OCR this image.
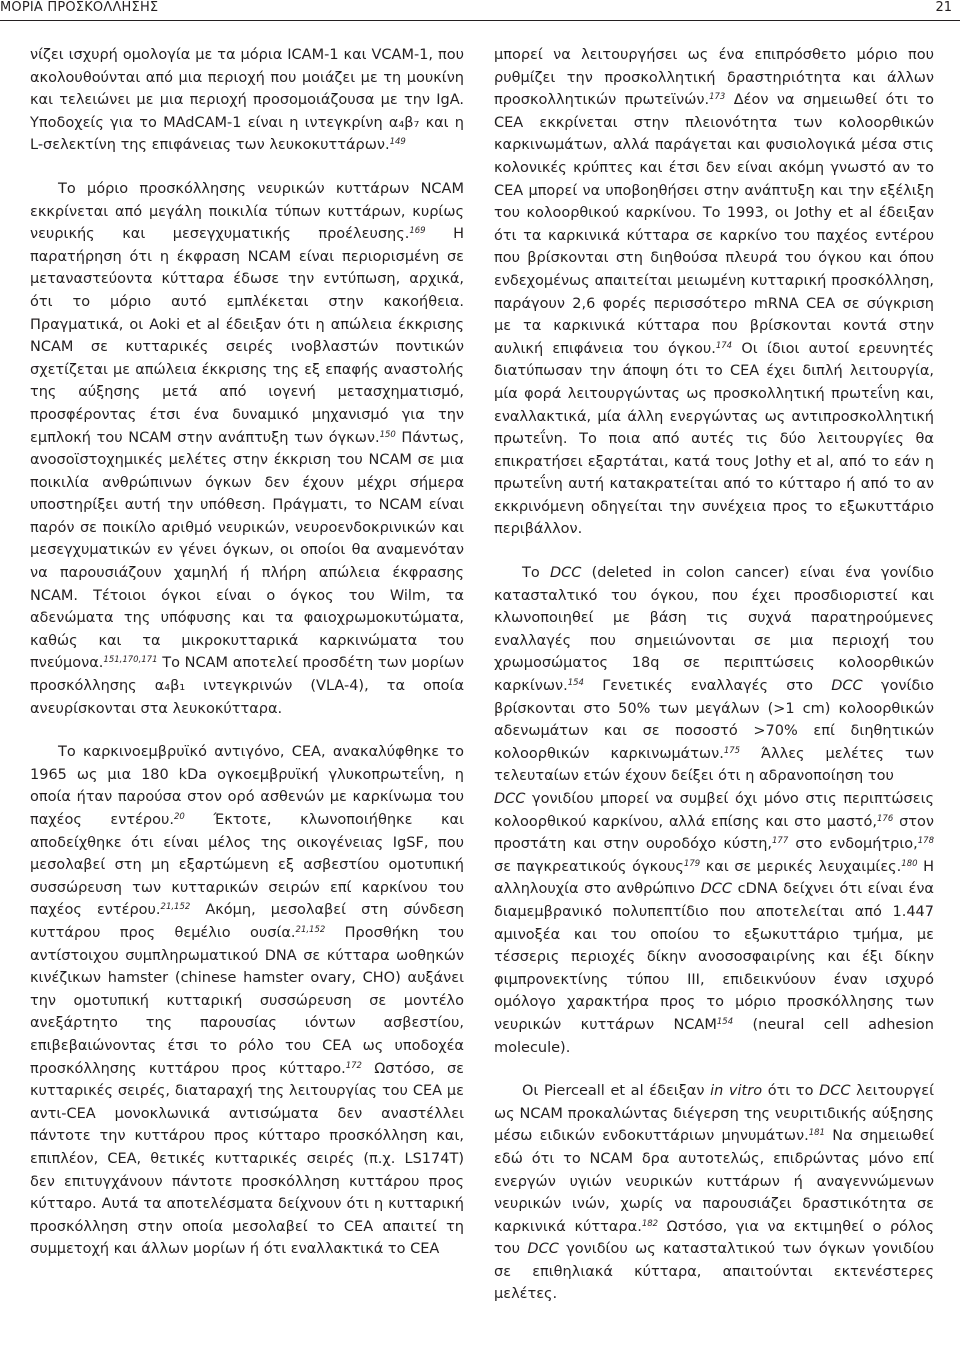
ΜΟΡΙΑ ΠΡΟΣΚΟΛΛΗΣΗΣ	21

νίζει ισχυρή ομολογία με τα μόρια ICAM-1 και VCAM-1, που ακολουθούνται από μια περιοχή που μοιάζει με τη μουκίνη και τελειώνει με μια περιοχή προσομοιάζουσα με την IgA. Υποδοχείς για το MAdCAM-1 είναι η ιντεγκρίνη α₄β₇ και η L-σελεκτίνη της επιφάνειας των λευκοκυττάρων.$^{149}$

Το μόριο προσκόλλησης νευρικών κυττάρων NCAM εκκρίνεται από μεγάλη ποικιλία τύπων κυττάρων, κυρίως νευρικής και μεσεγχυματικής προέλευσης.$^{169}$ Η παρατήρηση ότι η έκφραση NCAM είναι περιορισμένη σε μεταναστεύοντα κύτταρα έδωσε την εντύπωση, αρχικά, ότι το μόριο αυτό εμπλέκεται στην κακοήθεια. Πραγματικά, οι Aoki et al έδειξαν ότι η απώλεια έκκρισης NCAM σε κυτταρικές σειρές ινοβλαστών ποντικών σχετίζεται με απώλεια έκκρισης της εξ επαφής αναστολής της αύξησης μετά από ιογενή μετασχηματισμό, προσφέροντας έτσι ένα δυναμικό μηχανισμό για την εμπλοκή του NCAM στην ανάπτυξη των όγκων.$^{150}$ Πάντως, ανοσοϊστοχημικές μελέτες στην έκκριση του NCAM σε μια ποικιλία ανθρώπινων όγκων δεν έχουν μέχρι σήμερα υποστηρίξει αυτή την υπόθεση. Πράγματι, το NCAM είναι παρόν σε ποικίλο αριθμό νευρικών, νευροενδοκρινικών και μεσεγχυματικών εν γένει όγκων, οι οποίοι θα αναμενόταν να παρουσιάζουν χαμηλή ή πλήρη απώλεια έκφρασης NCAM. Τέτοιοι όγκοι είναι ο όγκος του Wilm, τα αδενώματα της υπόφυσης και τα φαιοχρωμοκυτώματα, καθώς και τα μικροκυτταρικά καρκινώματα του πνεύμονα.$^{151,170,171}$ Το NCAM αποτελεί προσδέτη των μορίων προσκόλλησης α₄β₁ ιντεγκρινών (VLA-4), τα οποία ανευρίσκονται στα λευκοκύτταρα.

Το καρκινοεμβρυϊκό αντιγόνο, CEA, ανακαλύφθηκε το 1965 ως μια 180 kDa ογκοεμβρυϊκή γλυκοπρωτεΐνη, η οποία ήταν παρούσα στον ορό ασθενών με καρκίνωμα του παχέος εντέρου.$^{20}$ Έκτοτε, κλωνοποιήθηκε και αποδείχθηκε ότι είναι μέλος της οικογένειας IgSF, που μεσολαβεί στη μη εξαρτώμενη εξ ασβεστίου ομοτυπική συσσώρευση των κυτταρικών σειρών επί καρκίνου του παχέος εντέρου.$^{21,152}$ Ακόμη, μεσολαβεί στη σύνδεση κυττάρου προς θεμέλιο ουσία.$^{21,152}$ Προσθήκη του αντίστοιχου συμπληρωματικού DNA σε κύτταρα ωοθηκών κινέζικων hamster (chinese hamster ovary, CHO) αυξάνει την ομοτυπική κυτταρική συσσώρευση σε μοντέλο ανεξάρτητο της παρουσίας ιόντων ασβεστίου, επιβεβαιώνοντας έτσι το ρόλο του CEA ως υποδοχέα προσκόλλησης κυττάρου προς κύτταρο.$^{172}$ Ωστόσο, σε κυτταρικές σειρές, διαταραχή της λειτουργίας του CEA με αντι-CEA μονοκλωνικά αντισώματα δεν αναστέλλει πάντοτε την κυττάρου προς κύτταρο προσκόλληση και, επιπλέον, CEA, θετικές κυτταρικές σειρές (π.χ. LS174T) δεν επιτυγχάνουν πάντοτε προσκόλληση κυττάρου προς κύτταρο. Αυτά τα αποτελέσματα δείχνουν ότι η κυτταρική προσκόλληση στην οποία μεσολαβεί το CEA απαιτεί τη συμμετοχή και άλλων μορίων ή ότι εναλλακτικά το CEA

μπορεί να λειτουργήσει ως ένα επιπρόσθετο μόριο που ρυθμίζει την προσκολλητική δραστηριότητα και άλλων προσκολλητικών πρωτεϊνών.$^{173}$ Δέον να σημειωθεί ότι το CEA εκκρίνεται στην πλειονότητα των κολοορθικών καρκινωμάτων, αλλά παράγεται και φυσιολογικά μέσα στις κολονικές κρύπτες και έτσι δεν είναι ακόμη γνωστό αν το CEA μπορεί να υποβοηθήσει στην ανάπτυξη και την εξέλιξη του κολοορθικού καρκίνου. Το 1993, οι Jothy et al έδειξαν ότι τα καρκινικά κύτταρα σε καρκίνο του παχέος εντέρου που βρίσκονται στη διηθούσα πλευρά του όγκου και όπου ενδεχομένως απαιτείται μειωμένη κυτταρική προσκόλληση, παράγουν 2,6 φορές περισσότερο mRNA CEA σε σύγκριση με τα καρκινικά κύτταρα που βρίσκονται κοντά στην αυλική επιφάνεια του όγκου.$^{174}$ Οι ίδιοι αυτοί ερευνητές διατύπωσαν την άποψη ότι το CEA έχει διπλή λειτουργία, μία φορά λειτουργώντας ως προσκολλητική πρωτεΐνη και, εναλλακτικά, μία άλλη ενεργώντας ως αντιπροσκολλητική πρωτεΐνη. Το ποια από αυτές τις δύο λειτουργίες θα επικρατήσει εξαρτάται, κατά τους Jothy et al, από το εάν η πρωτεΐνη αυτή κατακρατείται από το κύτταρο ή από το αν εκκρινόμενη οδηγείται την συνέχεια προς το εξωκυττάριο περιβάλλον.

Το DCC (deleted in colon cancer) είναι ένα γονίδιο κατασταλτικό του όγκου, που έχει προσδιοριστεί και κλωνοποιηθεί με βάση τις συχνά παρατηρούμενες εναλλαγές που σημειώνονται σε μια περιοχή του χρωμοσώματος 18q σε περιπτώσεις κολοορθικών καρκίνων.$^{154}$ Γενετικές εναλλαγές στο DCC γονίδιο βρίσκονται στο 50% των μεγάλων (>1 cm) κολοορθικών αδενωμάτων και σε ποσοστό >70% επί διηθητικών κολοορθικών καρκινωμάτων.$^{175}$ Άλλες μελέτες των τελευταίων ετών έχουν δείξει ότι η αδρανοποίηση του
DCC γονιδίου μπορεί να συμβεί όχι μόνο στις περιπτώσεις κολοορθικού καρκίνου, αλλά επίσης και στο μαστό,$^{176}$ στον προστάτη και στην ουροδόχο κύστη,$^{177}$ στο ενδομήτριο,$^{178}$ σε παγκρεατικούς όγκους$^{179}$ και σε μερικές λευχαιμίες.$^{180}$ Η αλληλουχία στο ανθρώπινο DCC cDNA δείχνει ότι είναι ένα διαμεμβρανικό πολυπεπτίδιο που αποτελείται από 1.447 αμινοξέα και του οποίου το εξωκυττάριο τμήμα, με τέσσερις περιοχές δίκην ανοσοσφαιρίνης και έξι δίκην φιμπρονεκτίνης τύπου III, επιδεικνύουν έναν ισχυρό ομόλογο χαρακτήρα προς το μόριο προσκόλλησης των νευρικών κυττάρων NCAM$^{154}$ (neural cell adhesion molecule).

Οι Pierceall et al έδειξαν in vitro ότι το DCC λειτουργεί ως NCAM προκαλώντας διέγερση της νευριτιδικής αύξησης μέσω ειδικών ενδοκυττάριων μηνυμάτων.$^{181}$ Να σημειωθεί εδώ ότι το NCAM δρα αυτοτελώς, επιδρώντας μόνο επί ενεργών υγιών νευρικών κυττάρων ή αναγεννώμενων νευρικών ινών, χωρίς να παρουσιάζει δραστικότητα σε καρκινικά κύτταρα.$^{182}$ Ωστόσο, για να εκτιμηθεί ο ρόλος του DCC γονιδίου ως κατασταλτικού των όγκων γονιδίου σε επιθηλιακά κύτταρα, απαιτούνται εκτενέστερες μελέτες.
